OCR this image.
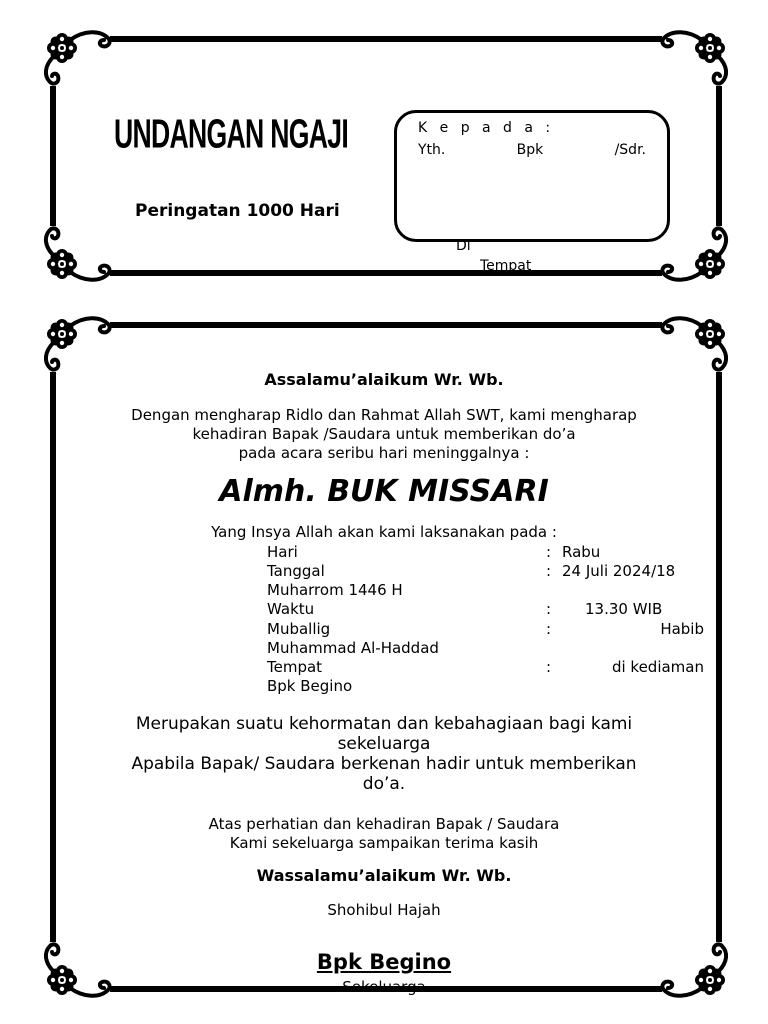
UNDANGAN NGAJI
Peringatan 1000 Hari
K e p a d a :
Yth.	Bpk	/Sdr.
Di
Tempat
Assalamu’alaikum Wr. Wb.
Dengan mengharap Ridlo dan Rahmat Allah SWT, kami mengharap
kehadiran Bapak /Saudara untuk memberikan do’a
pada acara seribu hari meninggalnya :
Almh. BUK MISSARI
Yang Insya Allah akan kami laksanakan pada :
Hari	: Rabu
Tanggal	: 24 Juli 2024/18
Muharrom 1446 H
Waktu	: 13.30 WIB
Muballig	:	Habib
Muhammad Al-Haddad
Tempat	:	di kediaman
Bpk Begino
Merupakan suatu kehormatan dan kebahagiaan bagi kami
sekeluarga
Apabila Bapak/ Saudara berkenan hadir untuk memberikan
do’a.
Atas perhatian dan kehadiran Bapak / Saudara
Kami sekeluarga sampaikan terima kasih
Wassalamu’alaikum Wr. Wb.
Shohibul Hajah
Bpk Begino
Sekeluarga
